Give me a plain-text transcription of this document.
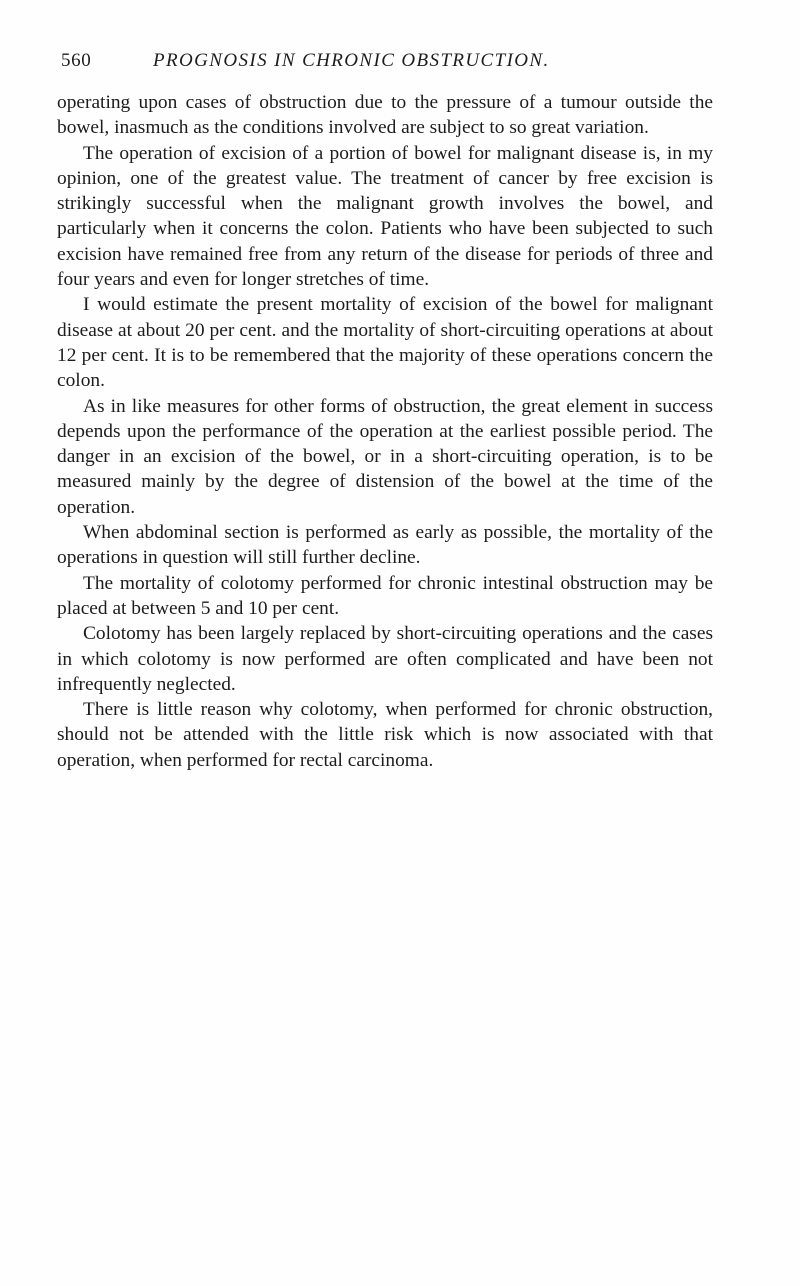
560	PROGNOSIS IN CHRONIC OBSTRUCTION.

operating upon cases of obstruction due to the pressure of a tumour outside the bowel, inasmuch as the conditions involved are subject to so great variation.

The operation of excision of a portion of bowel for malignant disease is, in my opinion, one of the greatest value. The treatment of cancer by free excision is strikingly successful when the malignant growth involves the bowel, and particularly when it concerns the colon. Patients who have been subjected to such excision have remained free from any return of the disease for periods of three and four years and even for longer stretches of time.

I would estimate the present mortality of excision of the bowel for malignant disease at about 20 per cent. and the mortality of short-circuiting operations at about 12 per cent. It is to be remembered that the majority of these operations concern the colon.

As in like measures for other forms of obstruction, the great element in success depends upon the performance of the operation at the earliest possible period. The danger in an excision of the bowel, or in a short-circuiting operation, is to be measured mainly by the degree of distension of the bowel at the time of the operation.

When abdominal section is performed as early as possible, the mortality of the operations in question will still further decline.

The mortality of colotomy performed for chronic intestinal obstruction may be placed at between 5 and 10 per cent.

Colotomy has been largely replaced by short-circuiting operations and the cases in which colotomy is now performed are often complicated and have been not infrequently neglected.

There is little reason why colotomy, when performed for chronic obstruction, should not be attended with the little risk which is now associated with that operation, when performed for rectal carcinoma.
